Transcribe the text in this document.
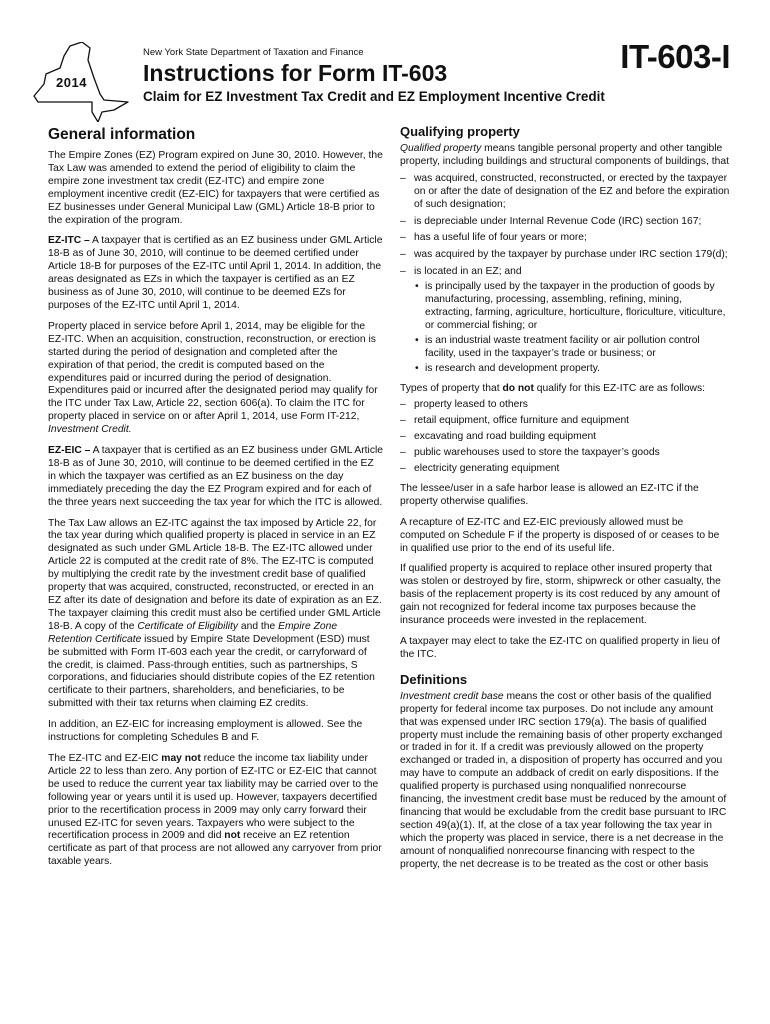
2014
New York State Department of Taxation and Finance
Instructions for Form IT-603	IT-603-I
Claim for EZ Investment Tax Credit and EZ Employment Incentive Credit
General information

The Empire Zones (EZ) Program expired on June 30, 2010. However, the Tax Law was amended to extend the period of eligibility to claim the empire zone investment tax credit (EZ-ITC) and empire zone employment incentive credit (EZ-EIC) for taxpayers that were certified as EZ businesses under General Municipal Law (GML) Article 18-B prior to the expiration of the program.

EZ-ITC – A taxpayer that is certified as an EZ business under GML Article 18-B as of June 30, 2010, will continue to be deemed certified under Article 18-B for purposes of the EZ-ITC until April 1, 2014. In addition, the areas designated as EZs in which the taxpayer is certified as an EZ business as of June 30, 2010, will continue to be deemed EZs for purposes of the EZ-ITC until April 1, 2014.

Property placed in service before April 1, 2014, may be eligible for the EZ-ITC. When an acquisition, construction, reconstruction, or erection is started during the period of designation and completed after the expiration of that period, the credit is computed based on the expenditures paid or incurred during the period of designation. Expenditures paid or incurred after the designated period may qualify for the ITC under Tax Law, Article 22, section 606(a). To claim the ITC for property placed in service on or after April 1, 2014, use Form IT-212, Investment Credit.

EZ-EIC – A taxpayer that is certified as an EZ business under GML Article 18-B as of June 30, 2010, will continue to be deemed certified in the EZ in which the taxpayer was certified as an EZ business on the day immediately preceding the day the EZ Program expired and for each of the three years next succeeding the tax year for which the ITC is allowed.

The Tax Law allows an EZ-ITC against the tax imposed by Article 22, for the tax year during which qualified property is placed in service in an EZ designated as such under GML Article 18-B. The EZ-ITC allowed under Article 22 is computed at the credit rate of 8%. The EZ-ITC is computed by multiplying the credit rate by the investment credit base of qualified property that was acquired, constructed, reconstructed, or erected in an EZ after its date of designation and before its date of expiration as an EZ. The taxpayer claiming this credit must also be certified under GML Article 18-B. A copy of the Certificate of Eligibility and the Empire Zone Retention Certificate issued by Empire State Development (ESD) must be submitted with Form IT-603 each year the credit, or carryforward of the credit, is claimed. Pass-through entities, such as partnerships, S corporations, and fiduciaries should distribute copies of the EZ retention certificate to their partners, shareholders, and beneficiaries, to be submitted with their tax returns when claiming EZ credits.

In addition, an EZ-EIC for increasing employment is allowed. See the instructions for completing Schedules B and F.

The EZ-ITC and EZ-EIC may not reduce the income tax liability under Article 22 to less than zero. Any portion of EZ-ITC or EZ-EIC that cannot be used to reduce the current year tax liability may be carried over to the following year or years until it is used up. However, taxpayers decertified prior to the recertification process in 2009 may only carry forward their unused EZ-ITC for seven years. Taxpayers who were subject to the recertification process in 2009 and did not receive an EZ retention certificate as part of that process are not allowed any carryover from prior taxable years.

Qualifying property

Qualified property means tangible personal property and other tangible property, including buildings and structural components of buildings, that

– was acquired, constructed, reconstructed, or erected by the taxpayer on or after the date of designation of the EZ and before the expiration of such designation;
– is depreciable under Internal Revenue Code (IRC) section 167;
– has a useful life of four years or more;
– was acquired by the taxpayer by purchase under IRC section 179(d);
– is located in an EZ; and
• is principally used by the taxpayer in the production of goods by manufacturing, processing, assembling, refining, mining, extracting, farming, agriculture, horticulture, floriculture, viticulture, or commercial fishing; or
• is an industrial waste treatment facility or air pollution control facility, used in the taxpayer’s trade or business; or
• is research and development property.

Types of property that do not qualify for this EZ-ITC are as follows:

– property leased to others
– retail equipment, office furniture and equipment
– excavating and road building equipment
– public warehouses used to store the taxpayer’s goods
– electricity generating equipment

The lessee/user in a safe harbor lease is allowed an EZ-ITC if the property otherwise qualifies.

A recapture of EZ-ITC and EZ-EIC previously allowed must be computed on Schedule F if the property is disposed of or ceases to be in qualified use prior to the end of its useful life.

If qualified property is acquired to replace other insured property that was stolen or destroyed by fire, storm, shipwreck or other casualty, the basis of the replacement property is its cost reduced by any amount of gain not recognized for federal income tax purposes because the insurance proceeds were invested in the replacement.

A taxpayer may elect to take the EZ-ITC on qualified property in lieu of the ITC.

Definitions

Investment credit base means the cost or other basis of the qualified property for federal income tax purposes. Do not include any amount that was expensed under IRC section 179(a). The basis of qualified property must include the remaining basis of other property exchanged or traded in for it. If a credit was previously allowed on the property exchanged or traded in, a disposition of property has occurred and you may have to compute an addback of credit on early dispositions. If the qualified property is purchased using nonqualified nonrecourse financing, the investment credit base must be reduced by the amount of financing that would be excludable from the credit base pursuant to IRC section 49(a)(1). If, at the close of a tax year following the tax year in which the property was placed in service, there is a net decrease in the amount of nonqualified nonrecourse financing with respect to the property, the net decrease is to be treated as the cost or other basis
